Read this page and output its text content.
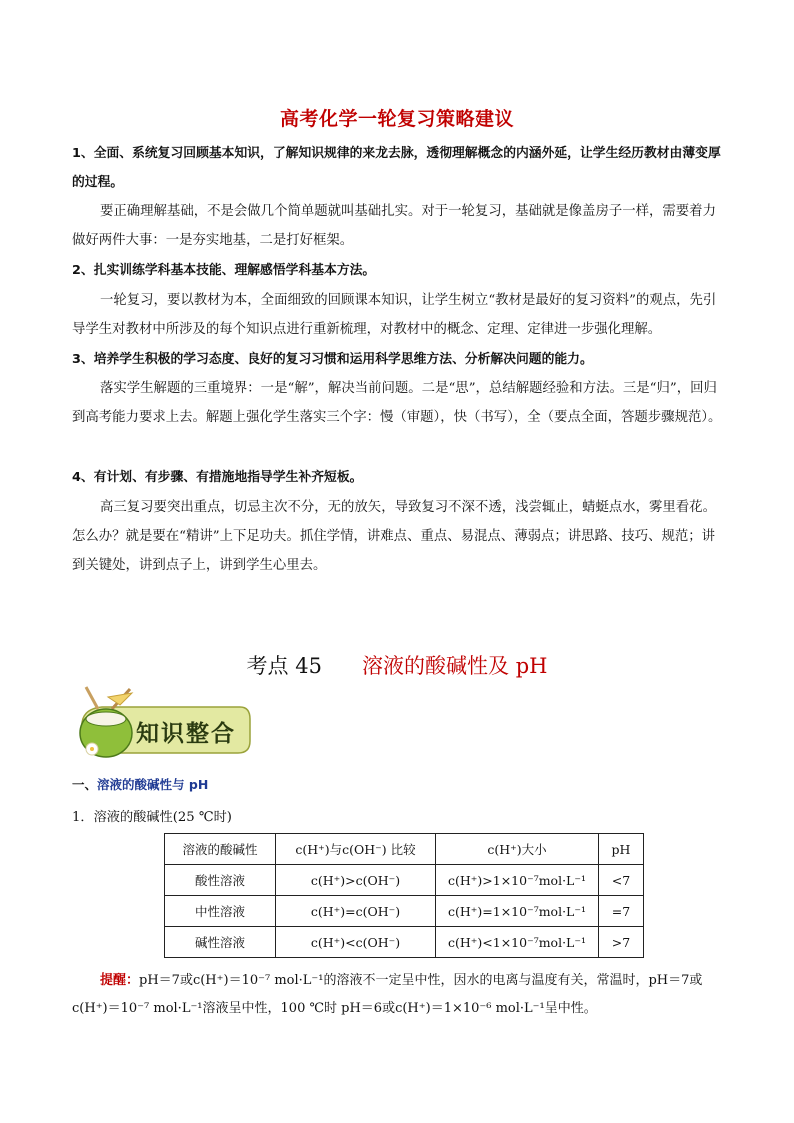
高考化学一轮复习策略建议
1、全面、系统复习回顾基本知识，了解知识规律的来龙去脉，透彻理解概念的内涵外延，让学生经历教材由薄变厚的过程。
要正确理解基础，不是会做几个简单题就叫基础扎实。对于一轮复习，基础就是像盖房子一样，需要着力做好两件大事：一是夯实地基，二是打好框架。
2、扎实训练学科基本技能、理解感悟学科基本方法。
一轮复习，要以教材为本，全面细致的回顾课本知识，让学生树立“教材是最好的复习资料”的观点，先引导学生对教材中所涉及的每个知识点进行重新梳理，对教材中的概念、定理、定律进一步强化理解。
3、培养学生积极的学习态度、良好的复习习惯和运用科学思维方法、分析解决问题的能力。
落实学生解题的三重境界：一是“解”，解决当前问题。二是“思”，总结解题经验和方法。三是“归”，回归到高考能力要求上去。解题上强化学生落实三个字：慢（审题），快（书写），全（要点全面，答题步骤规范）。
4、有计划、有步骤、有措施地指导学生补齐短板。
高三复习要突出重点，切忌主次不分，无的放矢，导致复习不深不透，浅尝辄止，蜻蜓点水，雾里看花。怎么办？就是要在“精讲”上下足功夫。抓住学情，讲难点、重点、易混点、薄弱点；讲思路、技巧、规范；讲到关键处，讲到点子上，讲到学生心里去。
考点 45 溶液的酸碱性及 pH
知识整合
一、溶液的酸碱性与 pH
1．溶液的酸碱性(25 ℃时)
溶液的酸碱性	c(H⁺)与c(OH⁻) 比较	c(H⁺)大小	pH
酸性溶液	c(H⁺)>c(OH⁻)	c(H⁺)>1×10⁻⁷mol·L⁻¹	<7
中性溶液	c(H⁺)=c(OH⁻)	c(H⁺)=1×10⁻⁷mol·L⁻¹	=7
碱性溶液	c(H⁺)<c(OH⁻)	c(H⁺)<1×10⁻⁷mol·L⁻¹	>7
提醒：pH＝7或c(H⁺)＝10⁻⁷ mol·L⁻¹的溶液不一定呈中性，因水的电离与温度有关，常温时，pH＝7或c(H⁺)＝10⁻⁷ mol·L⁻¹溶液呈中性，100 ℃时 pH＝6或c(H⁺)＝1×10⁻⁶ mol·L⁻¹呈中性。
